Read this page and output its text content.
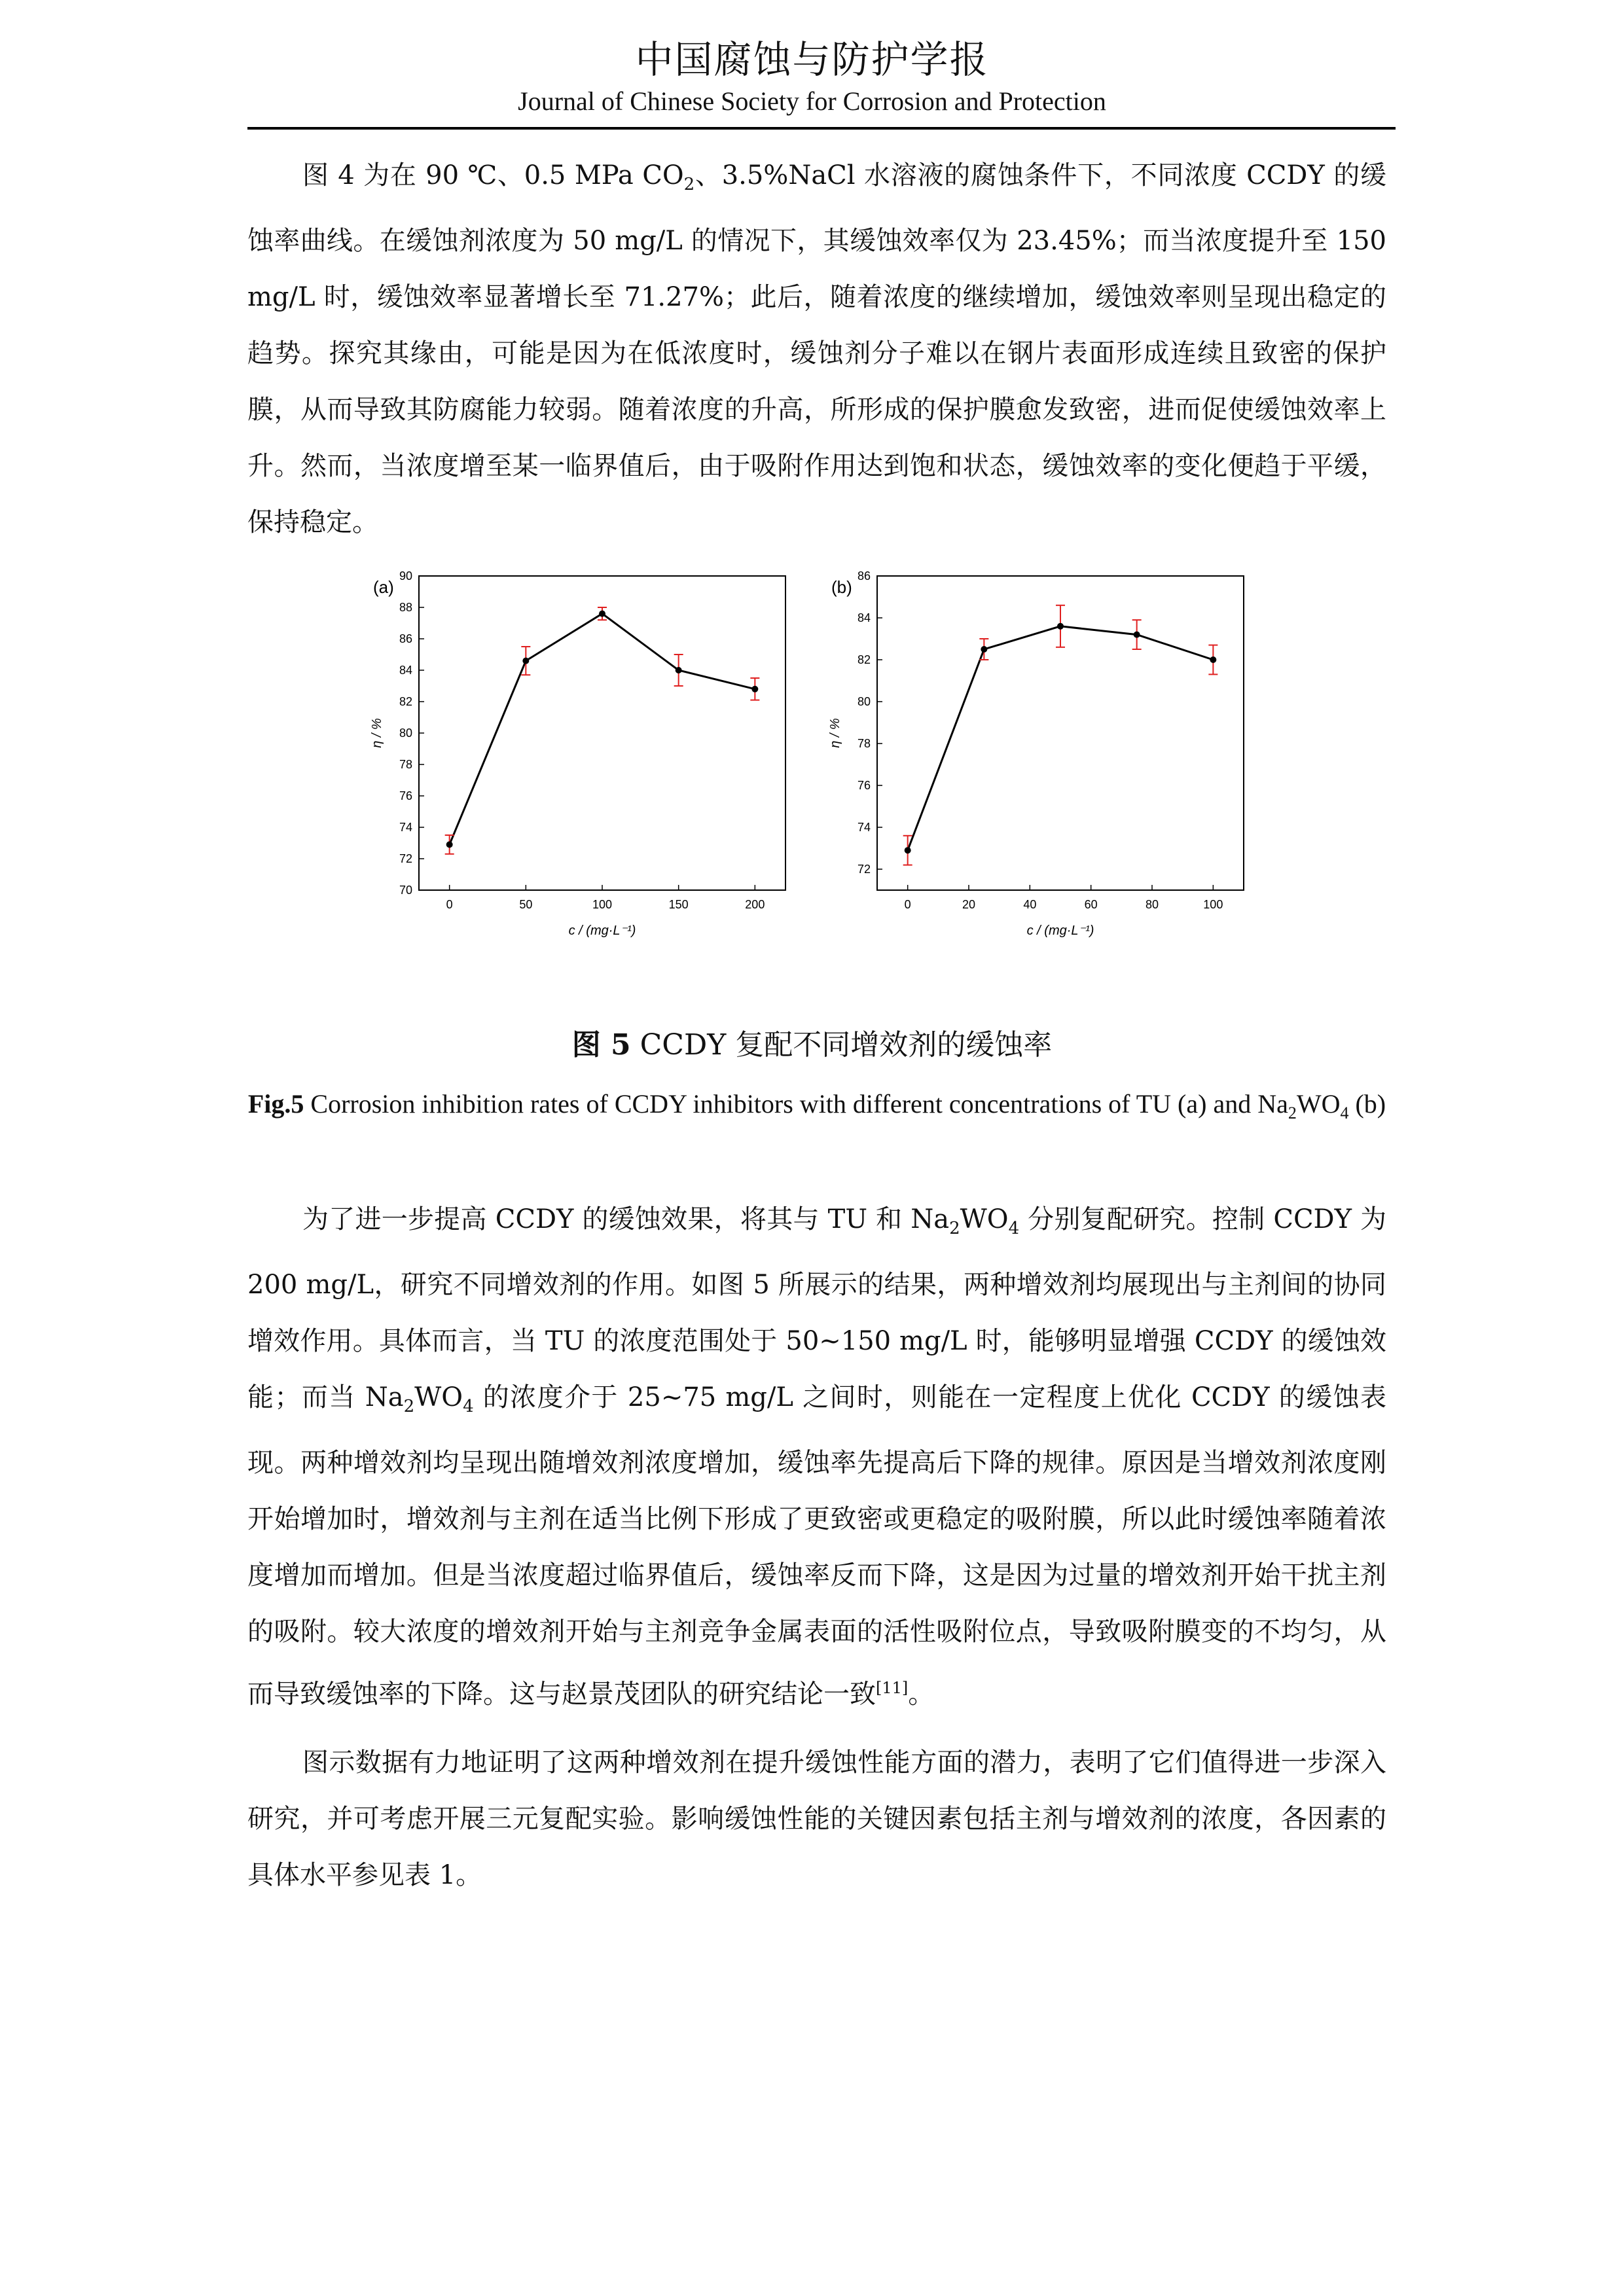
中国腐蚀与防护学报
Journal of Chinese Society for Corrosion and Protection

图 4 为在 90 ℃、0.5 MPa $CO_2$、3.5%NaCl 水溶液的腐蚀条件下，不同浓度 CCDY 的缓蚀率曲线。在缓蚀剂浓度为 50 mg/L 的情况下，其缓蚀效率仅为 23.45%；而当浓度提升至 150 mg/L 时，缓蚀效率显著增长至 71.27%；此后，随着浓度的继续增加，缓蚀效率则呈现出稳定的趋势。探究其缘由，可能是因为在低浓度时，缓蚀剂分子难以在钢片表面形成连续且致密的保护膜，从而导致其防腐能力较弱。随着浓度的升高，所形成的保护膜愈发致密，进而促使缓蚀效率上升。然而，当浓度增至某一临界值后，由于吸附作用达到饱和状态，缓蚀效率的变化便趋于平缓，保持稳定。

70
72
74
76
78
80
82
84
86
88
90
0	50	100	150	200
(a)
c / (mg·L⁻¹)
η / %
72
74
76
78
80
82
84
86
0	20	40	60	80	100
(b)
c / (mg·L⁻¹)
η / %
图 5 CCDY 复配不同增效剂的缓蚀率
Fig.5 Corrosion inhibition rates of CCDY inhibitors with different concentrations of TU (a) and $Na_2WO_4$ (b)

为了进一步提高 CCDY 的缓蚀效果，将其与 TU 和 $Na_2WO_4$ 分别复配研究。控制 CCDY 为 200 mg/L，研究不同增效剂的作用。如图 5 所展示的结果，两种增效剂均展现出与主剂间的协同增效作用。具体而言，当 TU 的浓度范围处于 50~150 mg/L 时，能够明显增强 CCDY 的缓蚀效能；而当 $Na_2WO_4$ 的浓度介于 25~75 mg/L 之间时，则能在一定程度上优化 CCDY 的缓蚀表现。两种增效剂均呈现出随增效剂浓度增加，缓蚀率先提高后下降的规律。原因是当增效剂浓度刚开始增加时，增效剂与主剂在适当比例下形成了更致密或更稳定的吸附膜，所以此时缓蚀率随着浓度增加而增加。但是当浓度超过临界值后，缓蚀率反而下降，这是因为过量的增效剂开始干扰主剂的吸附。较大浓度的增效剂开始与主剂竞争金属表面的活性吸附位点，导致吸附膜变的不均匀，从而导致缓蚀率的下降。这与赵景茂团队的研究结论一致[11]。

图示数据有力地证明了这两种增效剂在提升缓蚀性能方面的潜力，表明了它们值得进一步深入研究，并可考虑开展三元复配实验。影响缓蚀性能的关键因素包括主剂与增效剂的浓度，各因素的具体水平参见表 1。
